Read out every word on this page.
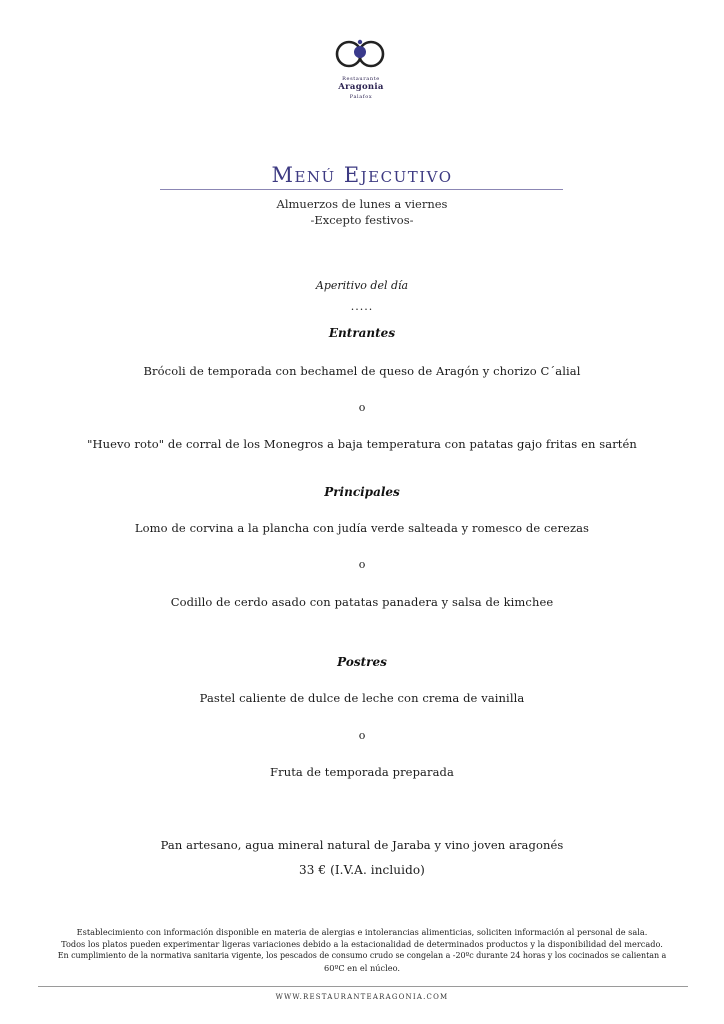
Restaurante
Aragonia
Palafox
Menú Ejecutivo
Almuerzos de lunes a viernes
-Excepto festivos-
Aperitivo del día
.....
Entrantes
Brócoli de temporada con bechamel de queso de Aragón y chorizo C´alial
o
"Huevo roto" de corral de los Monegros a baja temperatura con patatas gajo fritas en sartén
Principales
Lomo de corvina a la plancha con judía verde salteada y romesco de cerezas
o
Codillo de cerdo asado con patatas panadera y salsa de kimchee
Postres
Pastel caliente de dulce de leche con crema de vainilla
o
Fruta de temporada preparada
Pan artesano, agua mineral natural de Jaraba y vino joven aragonés
33 € (I.V.A. incluido)
Establecimiento con información disponible en materia de alergias e intolerancias alimenticias, soliciten información al personal de sala.
Todos los platos pueden experimentar ligeras variaciones debido a la estacionalidad de determinados productos y la disponibilidad del mercado.
En cumplimiento de la normativa sanitaria vigente, los pescados de consumo crudo se congelan a -20ºc durante 24 horas y los cocinados se calientan a
60ºC en el núcleo.
WWW.RESTAURANTEARAGONIA.COM
